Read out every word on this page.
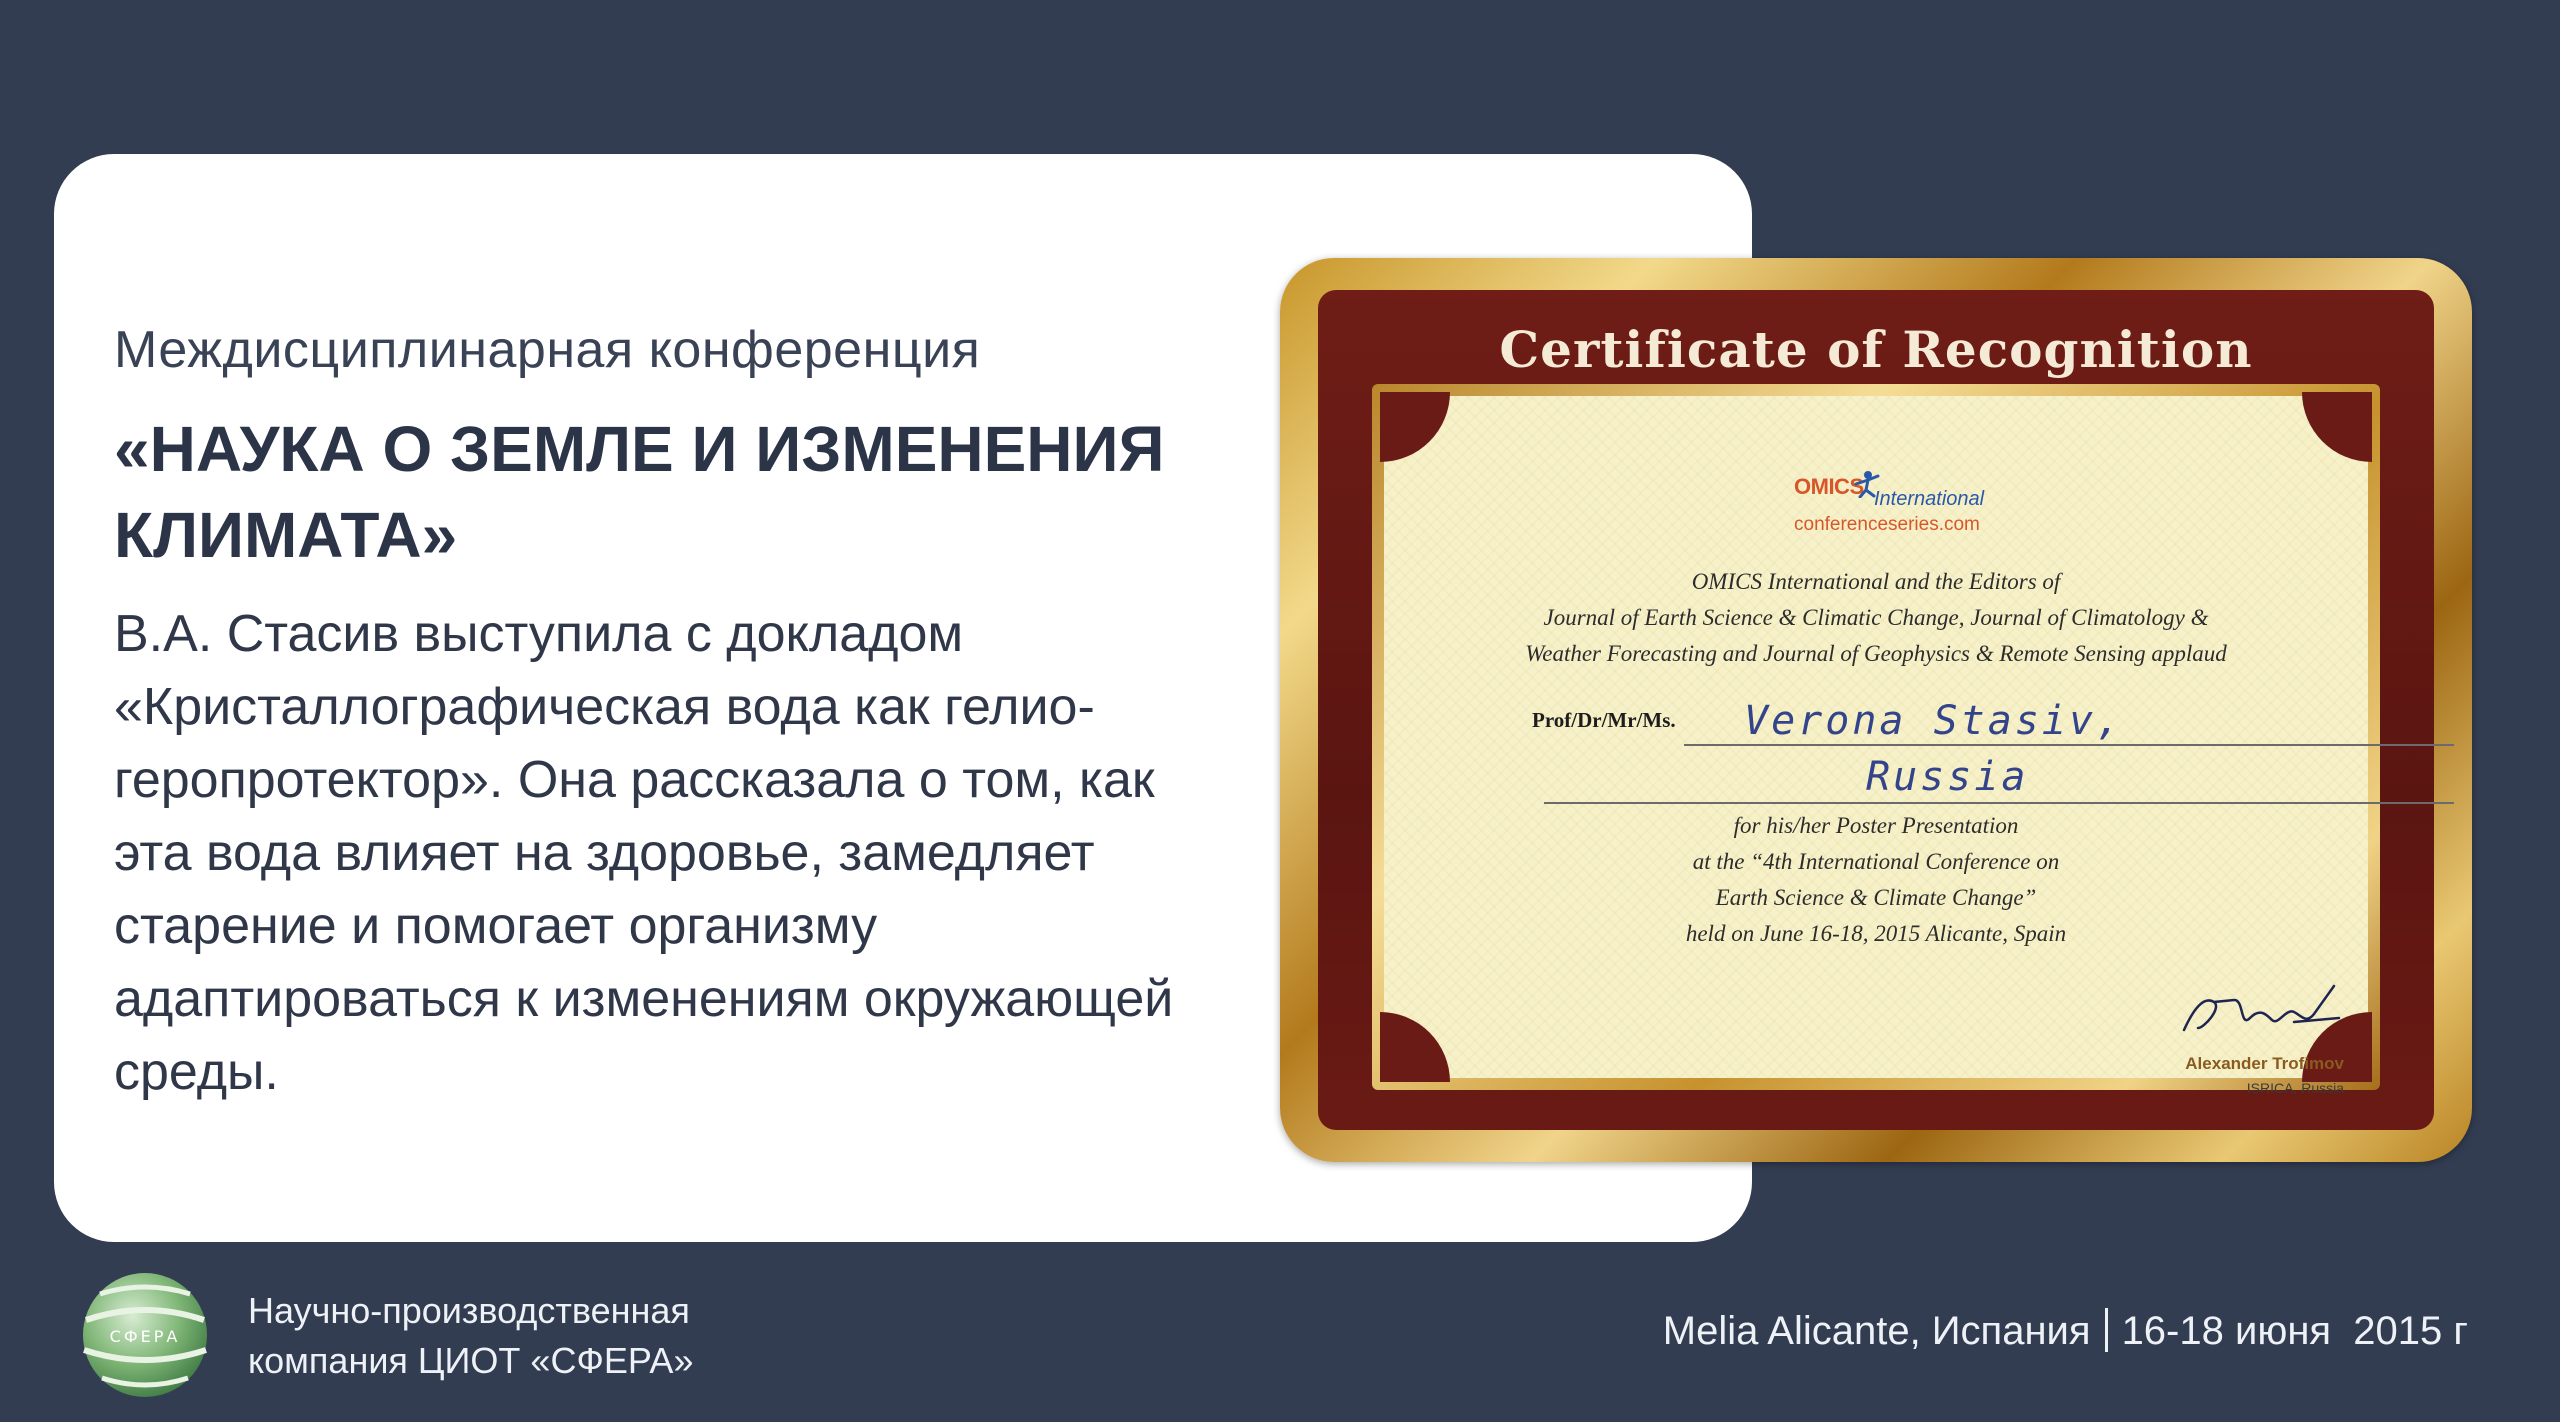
Междисциплинарная конференция
«НАУКА О ЗЕМЛЕ И ИЗМЕНЕНИЯ КЛИМАТА»
В.А. Стасив выступила с докладом «Кристаллографическая вода как гелио-геропротектор». Она рассказала о том, как эта вода влияет на здоровье, замедляет старение и помогает организму адаптироваться к изменениям окружающей среды.
Certificate of Recognition
OMICS International
conferenceseries.com
OMICS International and the Editors of
Journal of Earth Science & Climatic Change, Journal of Climatology &
Weather Forecasting and Journal of Geophysics & Remote Sensing applaud
Prof/Dr/Mr/Ms. Verona Stasiv,
Russia
for his/her Poster Presentation
at the “4th International Conference on
Earth Science & Climate Change”
held on June 16-18, 2015 Alicante, Spain
Alexander Trofimov
ISRICA, Russia
СФЕРА
Научно-производственная
компания ЦИОТ «СФЕРА»
Melia Alicante, Испания 16-18 июня  2015 г
